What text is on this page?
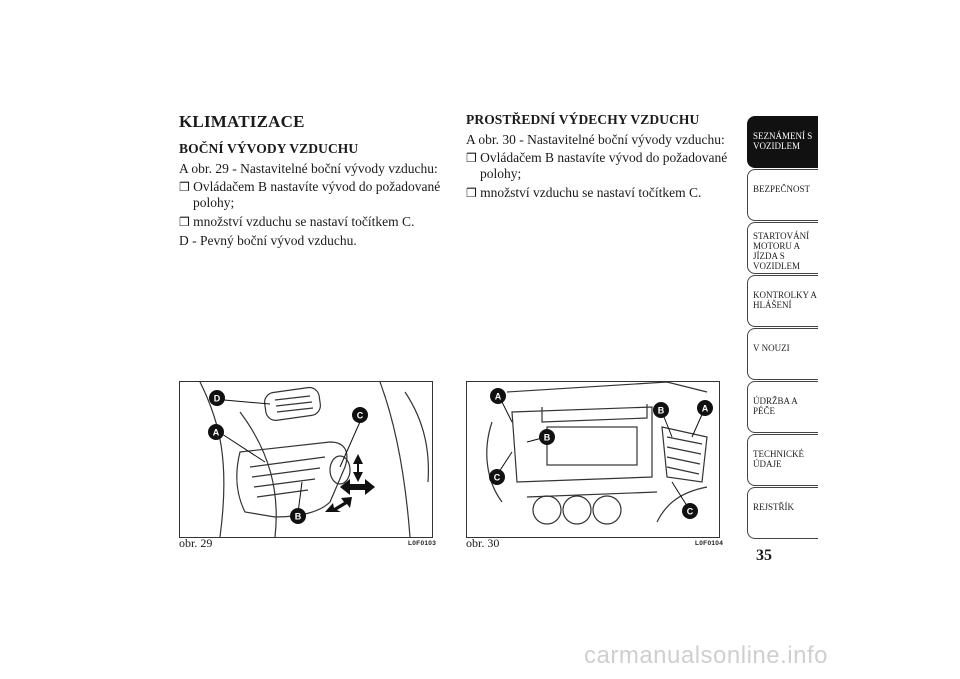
KLIMATIZACE
BOČNÍ VÝVODY VZDUCHU

A obr. 29 - Nastavitelné boční vývody vzduchu:

❒ Ovládačem B nastavíte vývod do požadované
polohy;
❒ množství vzduchu se nastaví točítkem C.

D - Pevný boční vývod vzduchu.

PROSTŘEDNÍ VÝDECHY VZDUCHU

A obr. 30 - Nastavitelné boční vývody vzduchu:

❒ Ovládačem B nastavíte vývod do požadované
polohy;
❒ množství vzduchu se nastaví točítkem C.
D
A
C
B
obr. 29	L0F0103
A
B
B	A
C
C
obr. 30	L0F0104
SEZNÁMENÍ S VOZIDLEM
BEZPEČNOST
STARTOVÁNÍ MOTORU A JÍZDA S VOZIDLEM
KONTROLKY A HLÁŠENÍ
V NOUZI
ÚDRŽBA A PÉČE
TECHNICKÉ ÚDAJE
REJSTŘÍK
35
carmanualsonline.info
